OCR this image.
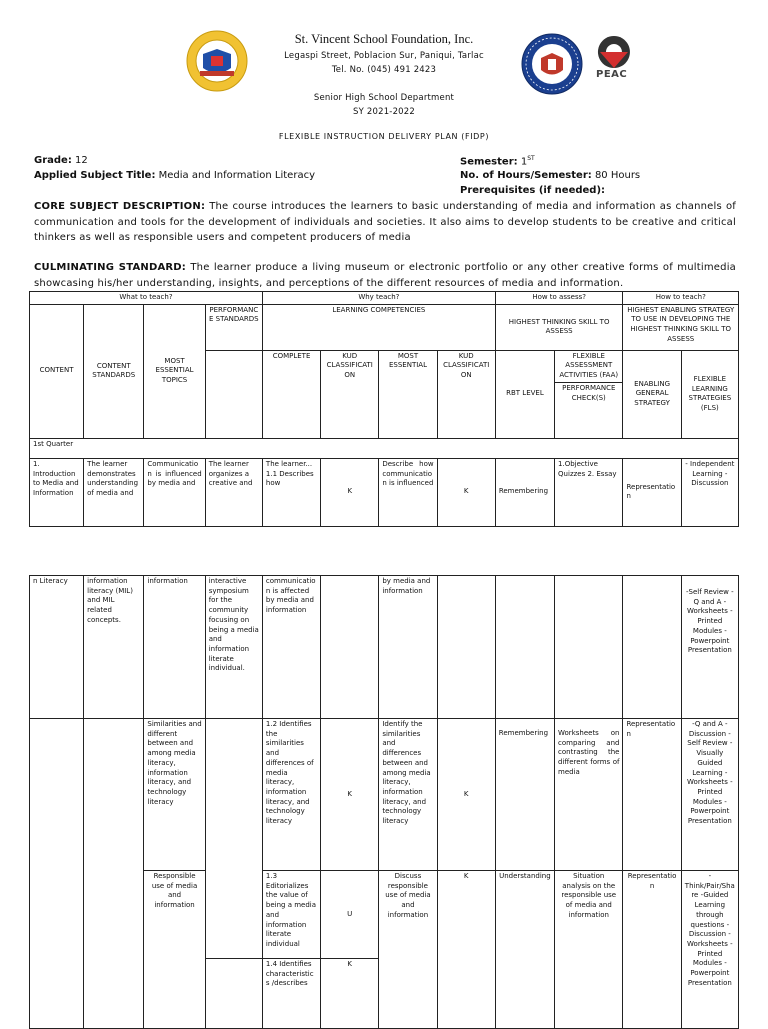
PEAC
St. Vincent School Foundation, Inc.
Legaspi Street, Poblacion Sur, Paniqui, Tarlac
Tel. No. (045) 491 2423
Senior High School Department
SY 2021-2022
FLEXIBLE INSTRUCTION DELIVERY PLAN (FIDP)
Grade: 12
Applied Subject Title: Media and Information Literacy
Semester: 1ST
No. of Hours/Semester: 80 Hours
Prerequisites (if needed):
CORE SUBJECT DESCRIPTION: The course introduces the learners to basic understanding of media and information as channels of communication and tools for the development of individuals and societies. It also aims to develop students to be creative and critical thinkers as well as responsible users and competent producers of media
CULMINATING STANDARD: The learner produce a living museum or electronic portfolio or any other creative forms of multimedia showcasing his/her understanding, insights, and perceptions of the different resources of media and information.
What to teach?				Why teach?				How to assess?		How to teach?	
CONTENT	CONTENT STANDARDS	MOST ESSENTIAL TOPICS	PERFORMANCE STANDARDS	LEARNING COMPETENCIES				HIGHEST THINKING SKILL TO ASSESS		HIGHEST ENABLING STRATEGY TO USE IN DEVELOPING THE HIGHEST THINKING SKILL TO ASSESS	
				COMPLETE	KUD CLASSIFICATION	MOST ESSENTIAL	KUD CLASSIFICATION	RBT LEVEL	FLEXIBLE ASSESSMENT ACTIVITIES (FAA)	ENABLING GENERAL STRATEGY	FLEXIBLE LEARNING STRATEGIES (FLS)
									PERFORMANCE CHECK(S)		
1st Quarter											
1. Introduction to Media and Information	The learner demonstrates understanding of media and	Communication is influenced by media and	The learner organizes a creative and	The learner... 1.1 Describes how	K	Describe how communication is influenced	K	Remembering	1.Objective Quizzes 2. Essay	Representation	- Independent Learning -Discussion
n Literacy	information literacy (MIL) and MIL related concepts.	information	interactive symposium for the community focusing on being a media and information literate individual.	communication is affected by media and information		by media and information					-Self Review -Q and A -Worksheets - Printed Modules -Powerpoint Presentation
		Similarities and different between and among media literacy, information literacy, and technology literacy		1.2 Identifies the similarities and differences of media literacy, information literacy, and technology literacy	K	Identify the similarities and differences between and among media literacy, information literacy, and technology literacy	K	Remembering	Worksheets on comparing and contrasting the different forms of media	Representation	-Q and A -Discussion -Self Review -Visually Guided Learning -Worksheets - Printed Modules -Powerpoint Presentation
		Responsible use of media and information		1.3 Editorializes the value of being a media and information literate individual	U	Discuss responsible use of media and information	K	Understanding	Situation analysis on the responsible use of media and information	Representation	-Think/Pair/Share -Guided Learning through questions -Discussion -Worksheets - Printed Modules -Powerpoint Presentation
				1.4 Identifies characteristics /describes	K						
